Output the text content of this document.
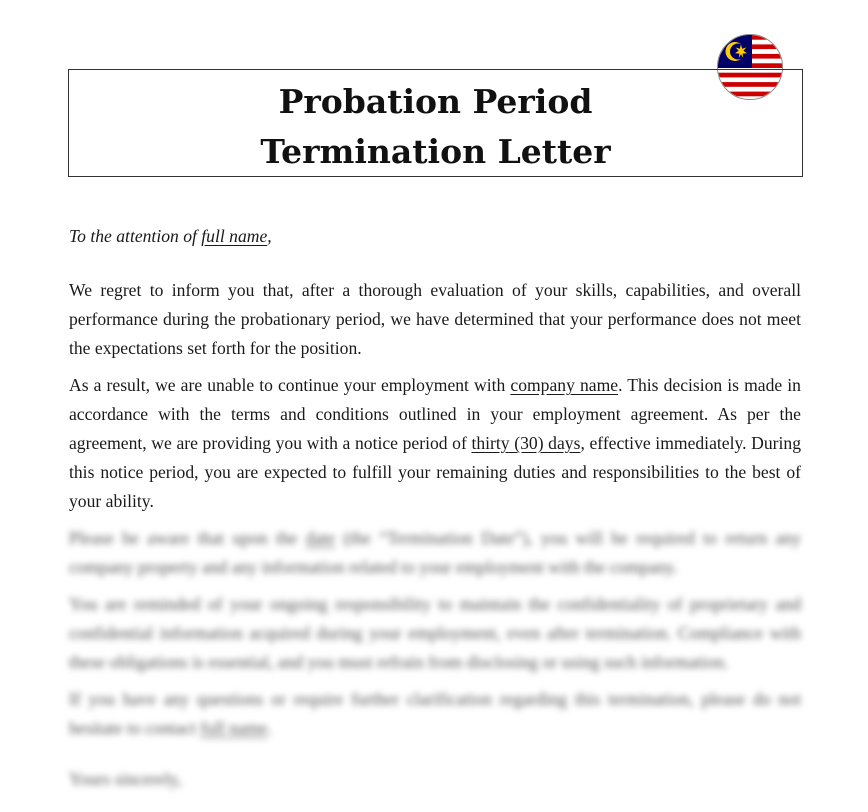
Probation Period
Termination Letter

To the attention of full name,

We regret to inform you that, after a thorough evaluation of your skills, capabilities, and overall performance during the probationary period, we have determined that your performance does not meet the expectations set forth for the position.

As a result, we are unable to continue your employment with company name. This decision is made in accordance with the terms and conditions outlined in your employment agreement. As per the agreement, we are providing you with a notice period of thirty (30) days, effective immediately. During this notice period, you are expected to fulfill your remaining duties and responsibilities to the best of your ability.

Please be aware that upon the date (the “Termination Date”), you will be required to return any company property and any information related to your employment with the company.

You are reminded of your ongoing responsibility to maintain the confidentiality of proprietary and confidential information acquired during your employment, even after termination. Compliance with these obligations is essential, and you must refrain from disclosing or using such information.

If you have any questions or require further clarification regarding this termination, please do not hesitate to contact full name.

Yours sincerely,
